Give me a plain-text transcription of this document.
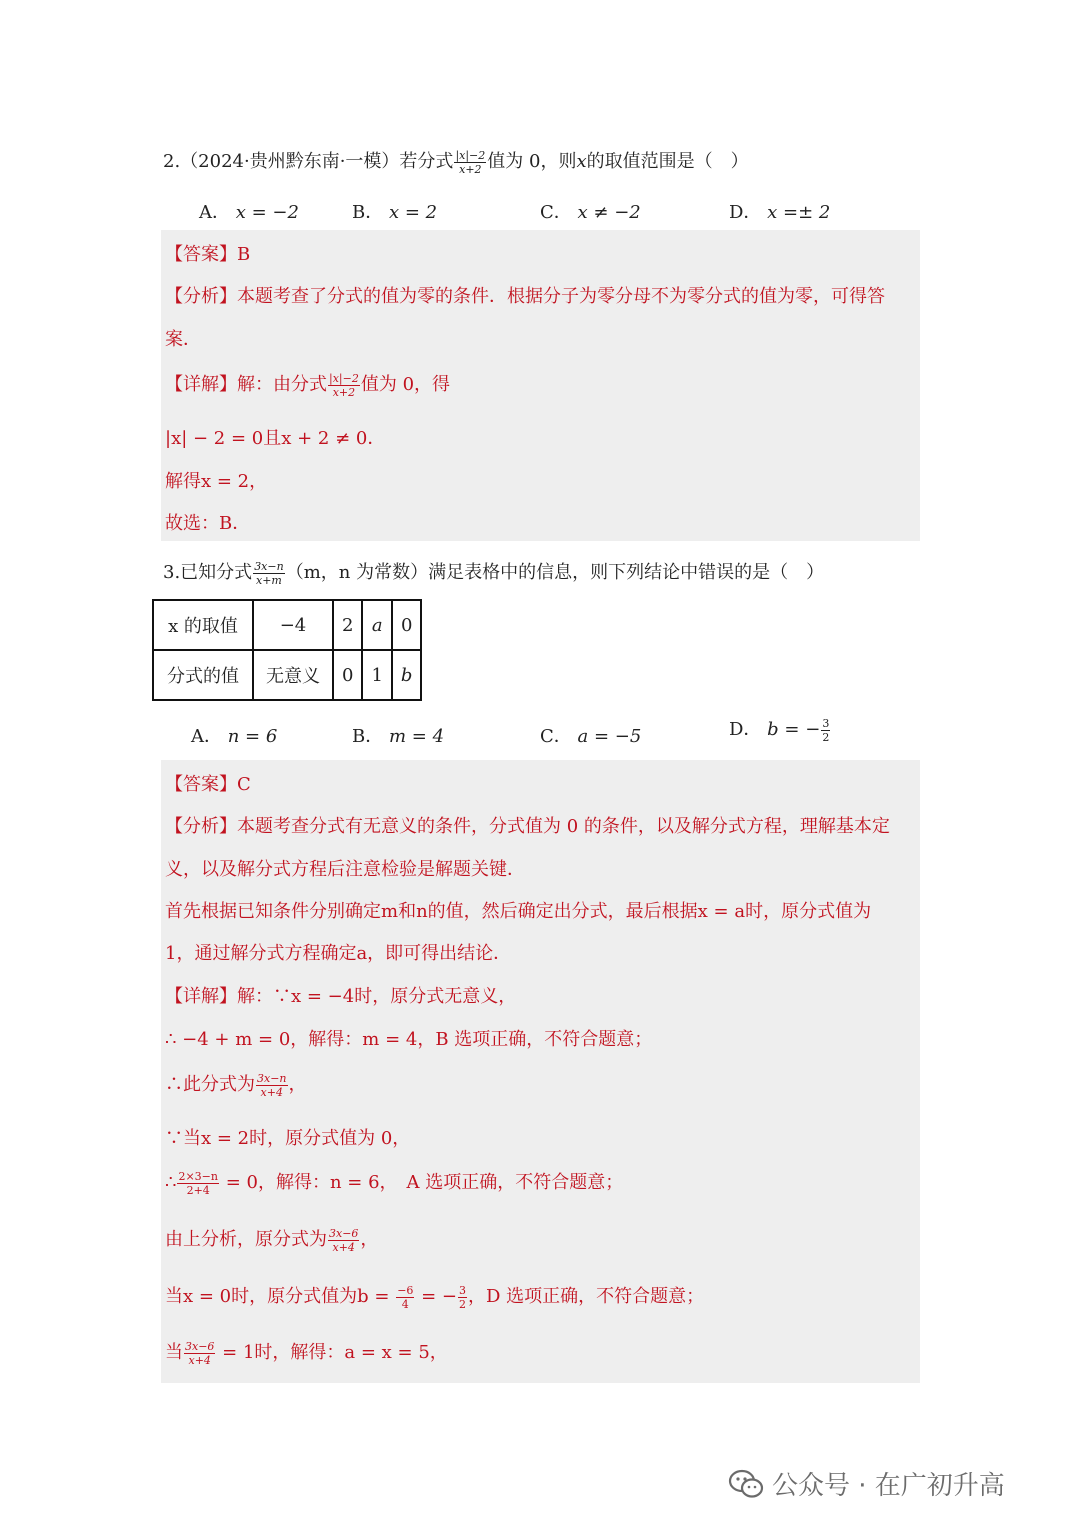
2.（2024·贵州黔东南·一模）若分式 $\frac{|x|-2}{x+2}$ 值为 0，则x的取值范围是（　）
A． x = −2	B． x = 2	C． x ≠ −2	D． x =± 2
【答案】B
【分析】本题考查了分式的值为零的条件．根据分子为零分母不为零分式的值为零，可得答
案．
【详解】解：由分式 $\frac{|x|-2}{x+2}$ 值为 0，得
|x| − 2 = 0且x + 2 ≠ 0．
解得x = 2，
故选：B．
3.已知分式 $\frac{3x-n}{x+m} (m$，n 为常数）满足表格中的信息，则下列结论中错误的是（　）
x 的取值	−4	2	a	0
分式的值	无意义	0	1	b
A． n = 6	B． m = 4	C． a = −5	D． b = − $\frac{3}{2}$
【答案】C
【分析】本题考查分式有无意义的条件，分式值为 0 的条件，以及解分式方程，理解基本定
义，以及解分式方程后注意检验是解题关键．
首先根据已知条件分别确定m和n的值，然后确定出分式，最后根据x = a时，原分式值为
1，通过解分式方程确定a，即可得出结论．
【详解】解：∵x = −4时，原分式无意义，
∴ −4 + m = 0，解得：m = 4，B 选项正确，不符合题意；
∴此分式为 $\frac{3x-n}{x+4}$ ，
∵当x = 2时，原分式值为 0，
∴ $\frac{2\times 3-n}{2+4} = 0$，解得：n = 6，　A 选项正确，不符合题意；
由上分析，原分式为 $\frac{3x-6}{x+4}$ ，
当x = 0时，原分式值为$b = \frac{-6}{4}$ = − $\frac{3}{2}$ ，D 选项正确，不符合题意；
当 $\frac{3x-6}{x+4} = 1$时，解得：a = x = 5，
公众号 · 在广初升高
